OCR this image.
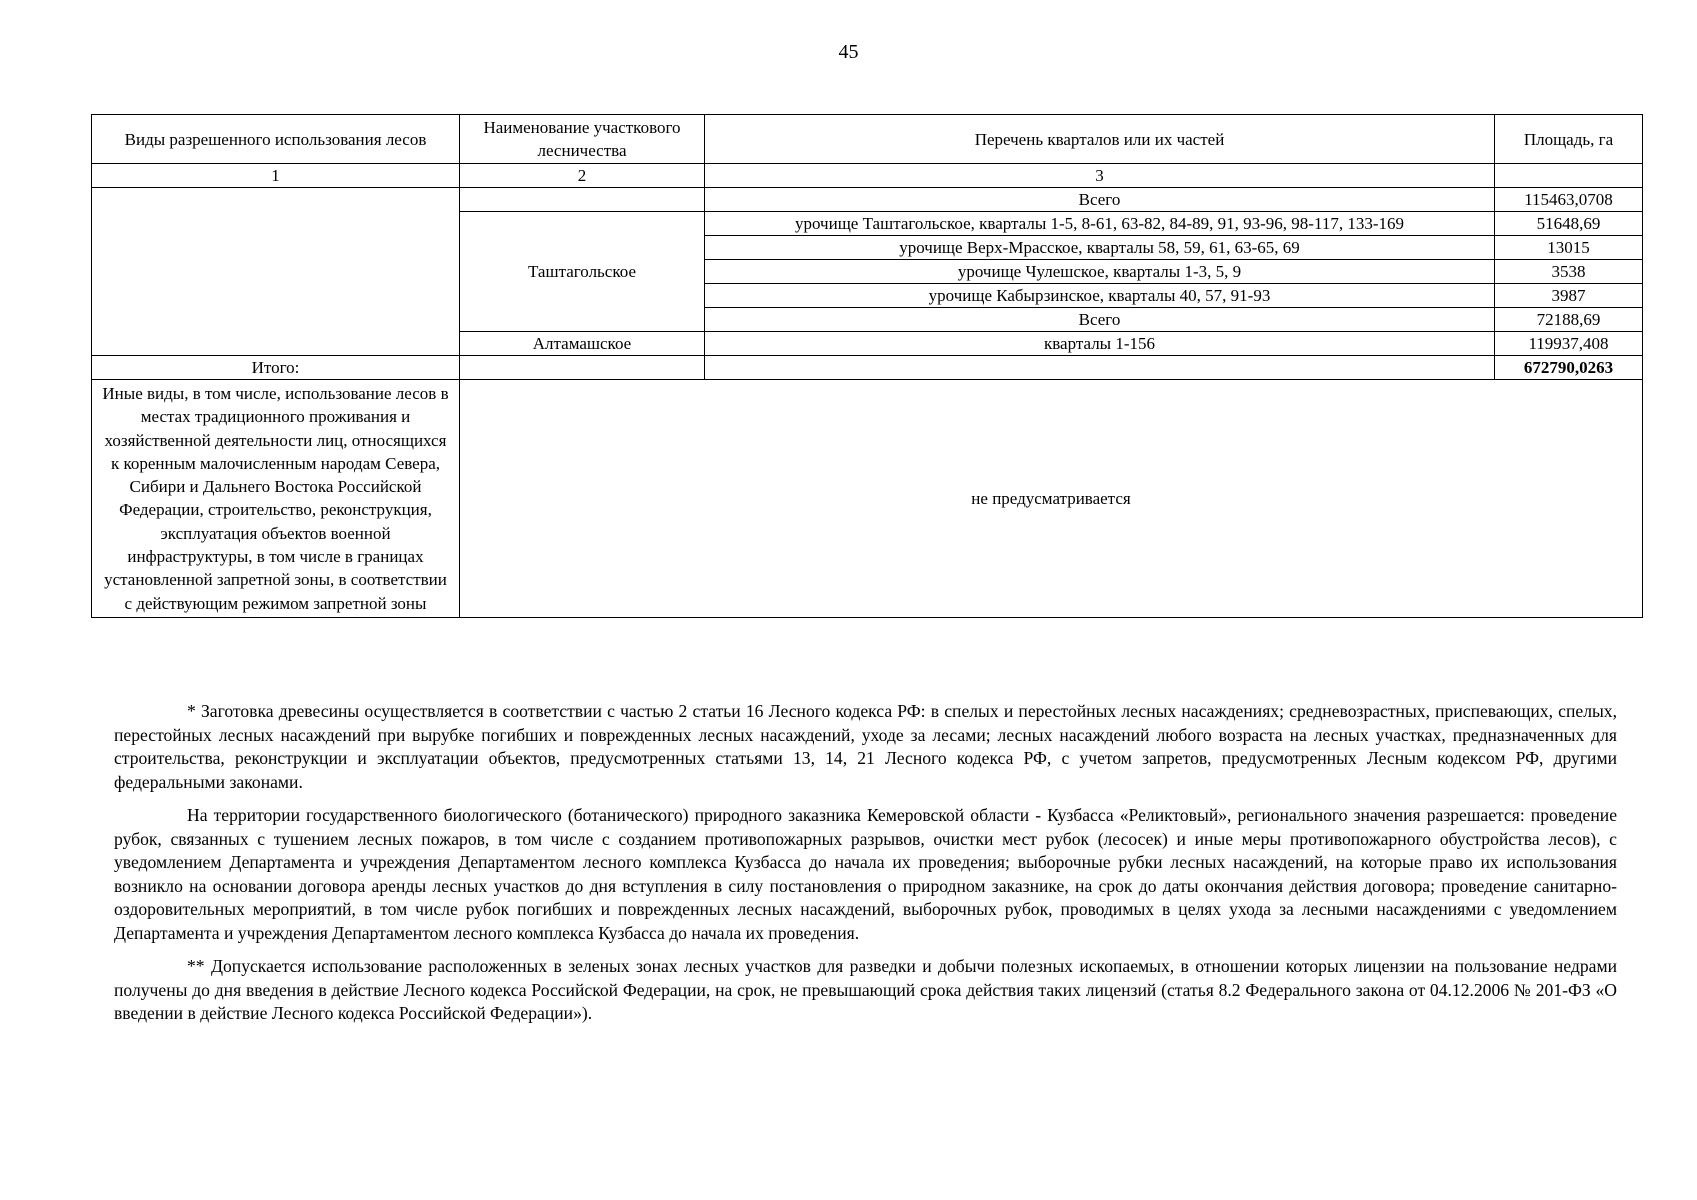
45
Виды разрешенного использования лесов	Наименование участкового лесничества	Перечень кварталов или их частей	Площадь, га
1	2	3	
		Всего	115463,0708
	Таштагольское	урочище Таштагольское, кварталы 1-5, 8-61, 63-82, 84-89, 91, 93-96, 98-117, 133-169	51648,69
		урочище Верх-Мрасское, кварталы 58, 59, 61, 63-65, 69	13015
		урочище Чулешское, кварталы 1-3, 5, 9	3538
		урочище Кабырзинское, кварталы 40, 57, 91-93	3987
		Всего	72188,69
	Алтамашское	кварталы 1-156	119937,408
Итого:			672790,0263
Иные виды, в том числе, использование лесов в местах традиционного проживания и хозяйственной деятельности лиц, относящихся к коренным малочисленным народам Севера, Сибири и Дальнего Востока Российской Федерации, строительство, реконструкция, эксплуатация объектов военной инфраструктуры, в том числе в границах установленной запретной зоны, в соответствии с действующим режимом запретной зоны	не предусматривается		

* Заготовка древесины осуществляется в соответствии с частью 2 статьи 16 Лесного кодекса РФ: в спелых и перестойных лесных насаждениях; средневозрастных, приспевающих, спелых, перестойных лесных насаждений при вырубке погибших и поврежденных лесных насаждений, уходе за лесами; лесных насаждений любого возраста на лесных участках, предназначенных для строительства, реконструкции и эксплуатации объектов, предусмотренных статьями 13, 14, 21 Лесного кодекса РФ, с учетом запретов, предусмотренных Лесным кодексом РФ, другими федеральными законами.

На территории государственного биологического (ботанического) природного заказника Кемеровской области - Кузбасса «Реликтовый», регионального значения разрешается: проведение рубок, связанных с тушением лесных пожаров, в том числе с созданием противопожарных разрывов, очистки мест рубок (лесосек) и иные меры противопожарного обустройства лесов), с уведомлением Департамента и учреждения Департаментом лесного комплекса Кузбасса до начала их проведения; выборочные рубки лесных насаждений, на которые право их использования возникло на основании договора аренды лесных участков до дня вступления в силу постановления о природном заказнике, на срок до даты окончания действия договора; проведение санитарно-оздоровительных мероприятий, в том числе рубок погибших и поврежденных лесных насаждений, выборочных рубок, проводимых в целях ухода за лесными насаждениями с уведомлением Департамента и учреждения Департаментом лесного комплекса Кузбасса до начала их проведения.

** Допускается использование расположенных в зеленых зонах лесных участков для разведки и добычи полезных ископаемых, в отношении которых лицензии на пользование недрами получены до дня введения в действие Лесного кодекса Российской Федерации, на срок, не превышающий срока действия таких лицензий (статья 8.2 Федерального закона от 04.12.2006 № 201-ФЗ «О введении в действие Лесного кодекса Российской Федерации»).
